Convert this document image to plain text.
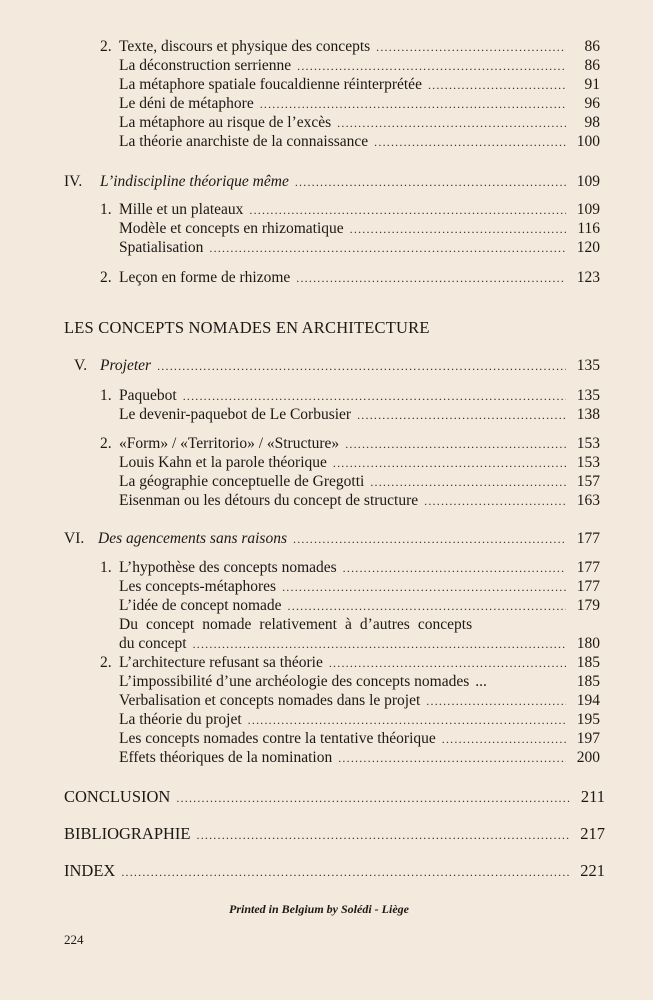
2. Texte, discours et physique des concepts .....	86
La déconstruction serrienne .....	86
La métaphore spatiale foucaldienne réinterprétée .....	91
Le déni de métaphore .....	96
La métaphore au risque de l’excès .....	98
La théorie anarchiste de la connaissance .....	100
IV.	L’indiscipline théorique même .....	109
1. Mille et un plateaux .....	109
Modèle et concepts en rhizomatique .....	116
Spatialisation .....	120
2. Leçon en forme de rhizome .....	123
LES CONCEPTS NOMADES EN ARCHITECTURE
V. Projeter .....	135
1. Paquebot .....	135
Le devenir-paquebot de Le Corbusier .....	138
2. «Form» / «Territorio» / «Structure» .....	153
Louis Kahn et la parole théorique .....	153
La géographie conceptuelle de Gregotti .....	157
Eisenman ou les détours du concept de structure .....	163
VI. Des agencements sans raisons .....	177
1. L’hypothèse des concepts nomades .....	177
Les concepts-métaphores .....	177
L’idée de concept nomade .....	179
Du concept nomade relativement à d’autres concepts
du concept .....	180
2. L’architecture refusant sa théorie .....	185
L’impossibilité d’une archéologie des concepts nomades ...	185
Verbalisation et concepts nomades dans le projet .....	194
La théorie du projet .....	195
Les concepts nomades contre la tentative théorique .....	197
Effets théoriques de la nomination .....	200
CONCLUSION .....	211
BIBLIOGRAPHIE .....	217
INDEX .....	221
Printed in Belgium by Solédi - Liège
224
